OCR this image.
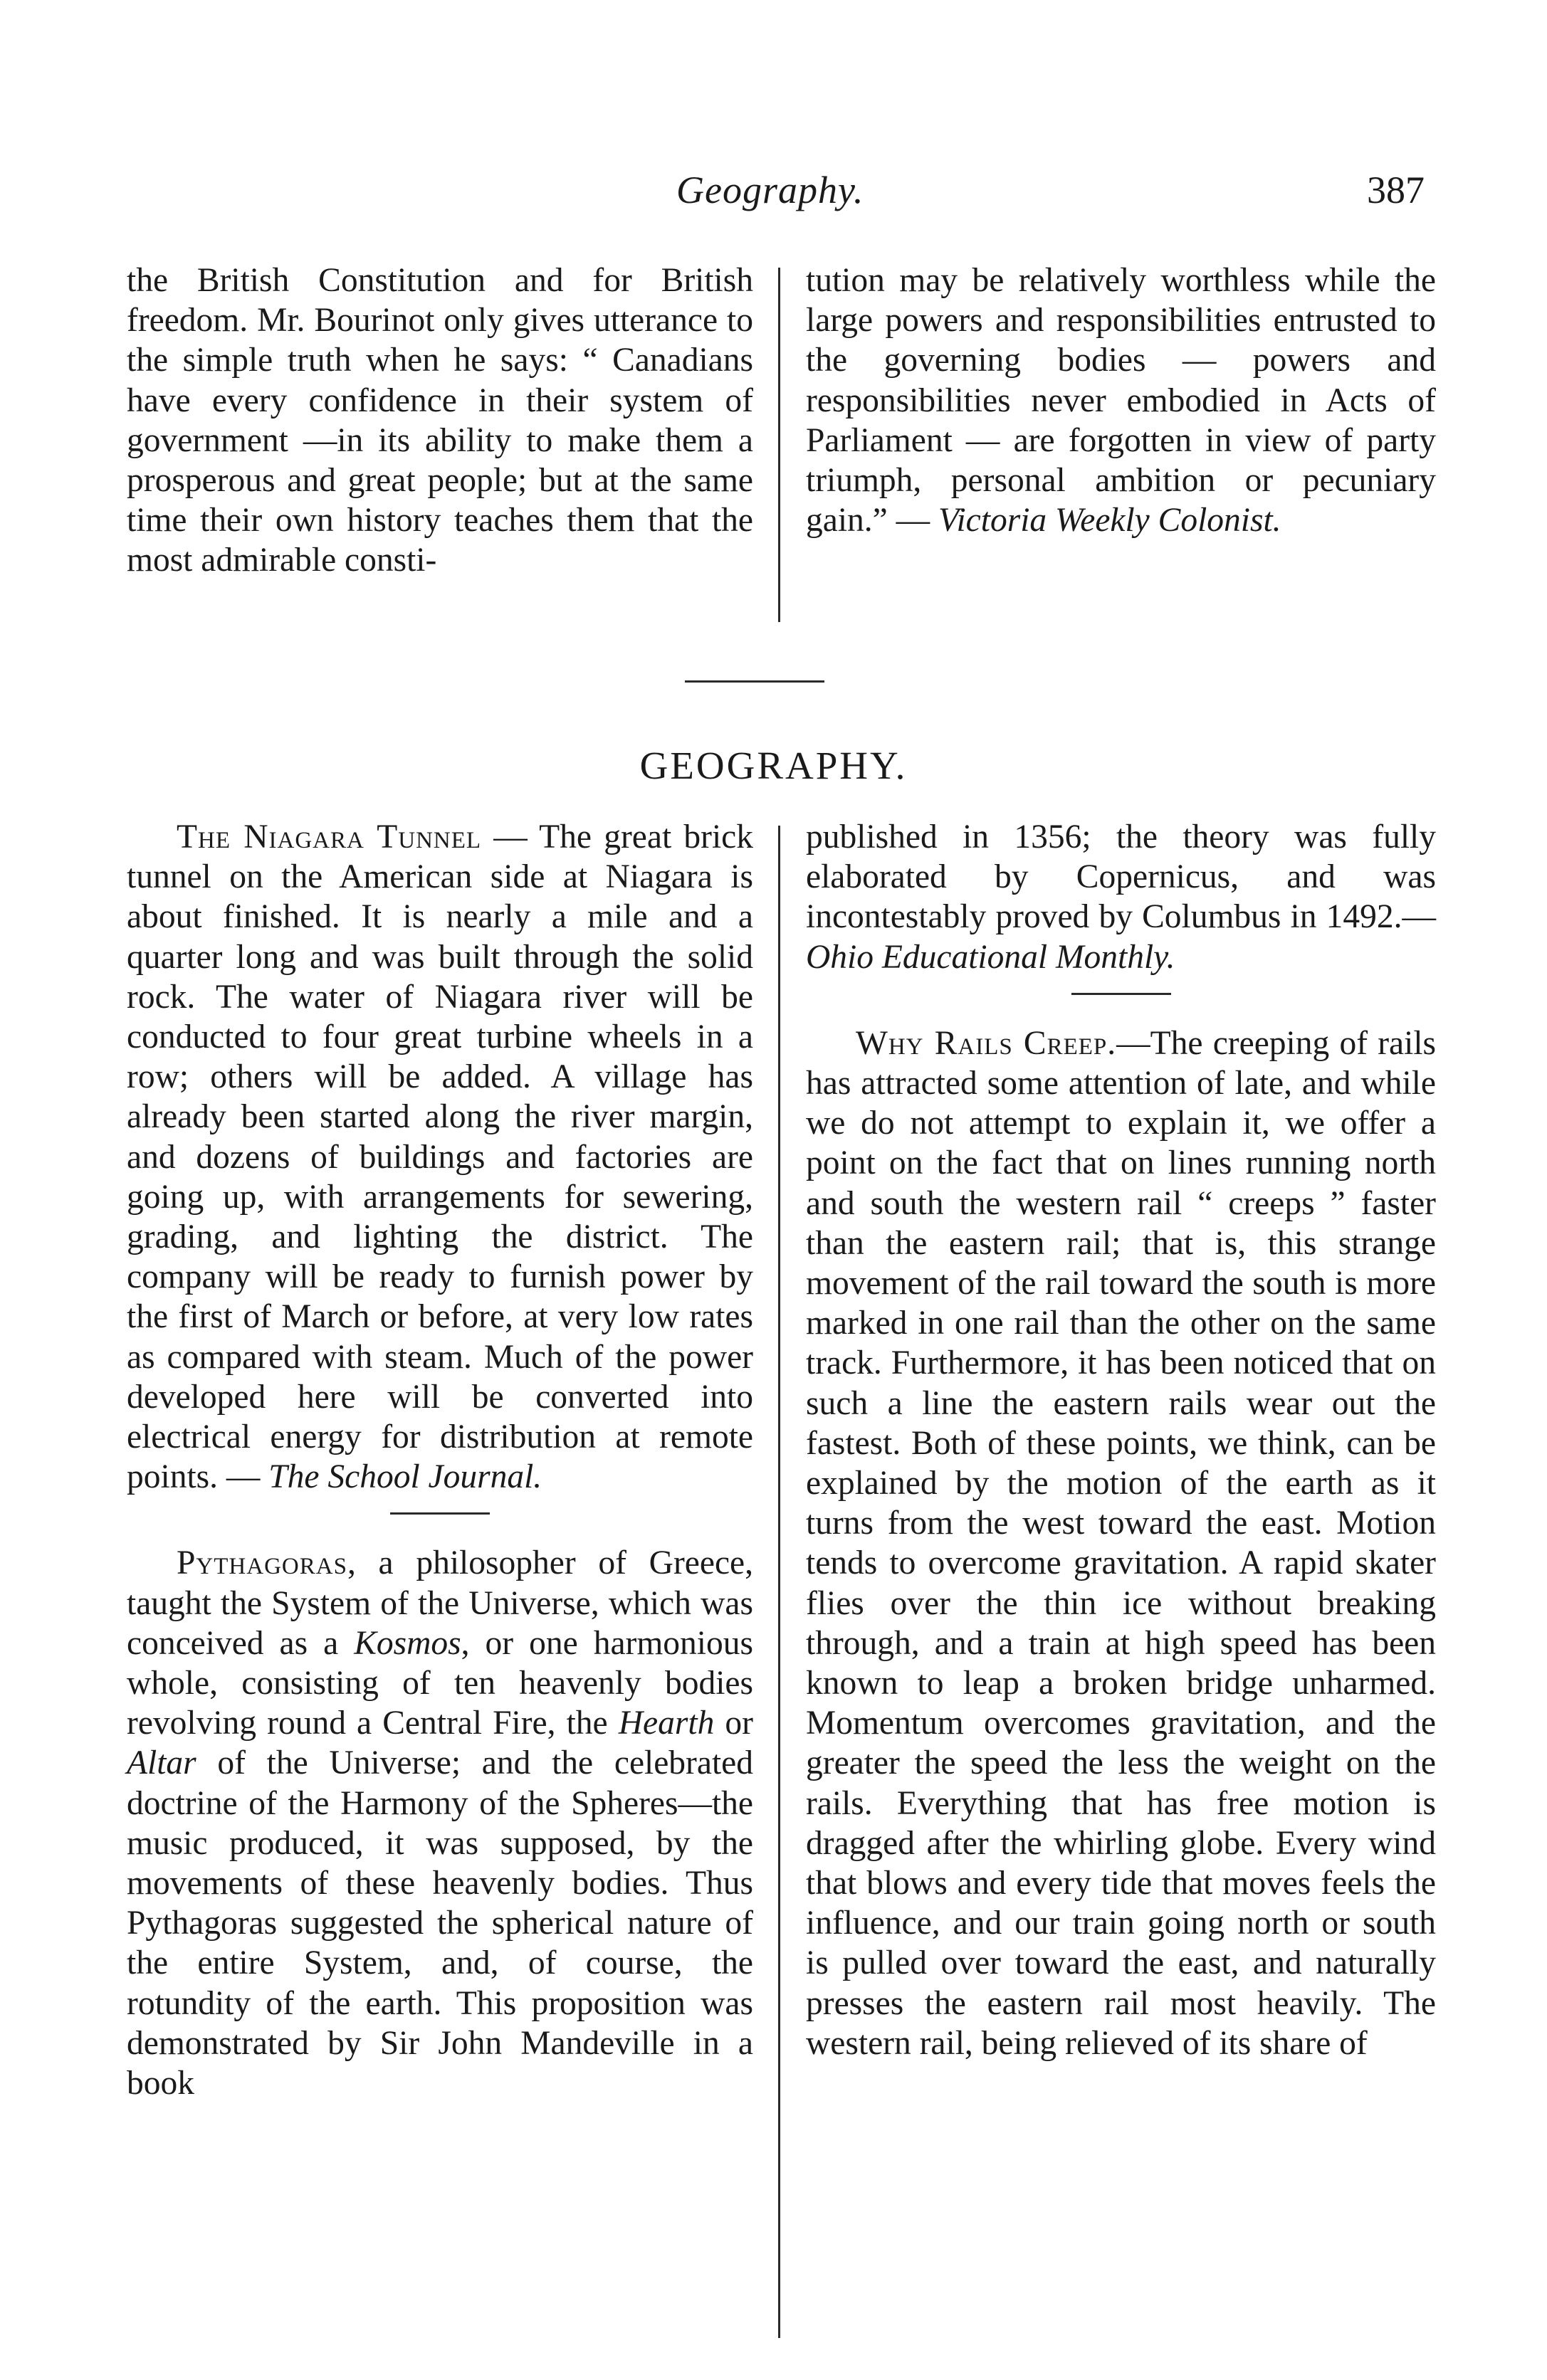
Geography.	387

the British Constitution and for British freedom. Mr. Bourinot only gives utterance to the simple truth when he says: “ Canadians have every confidence in their system of government —in its ability to make them a prosperous and great people; but at the same time their own history teaches them that the most admirable consti-

tution may be relatively worthless while the large powers and responsibilities entrusted to the governing bodies — powers and responsibilities never embodied in Acts of Parliament — are forgotten in view of party triumph, personal ambition or pecuniary gain.” — Victoria Weekly Colonist.

GEOGRAPHY.

The Niagara Tunnel — The great brick tunnel on the American side at Niagara is about finished. It is nearly a mile and a quarter long and was built through the solid rock. The water of Niagara river will be conducted to four great turbine wheels in a row; others will be added. A village has already been started along the river margin, and dozens of buildings and factories are going up, with arrangements for sewering, grading, and lighting the district. The company will be ready to furnish power by the first of March or before, at very low rates as compared with steam. Much of the power developed here will be converted into electrical energy for distribution at remote points. — The School Journal.

Pythagoras, a philosopher of Greece, taught the System of the Universe, which was conceived as a Kosmos, or one harmonious whole, consisting of ten heavenly bodies revolving round a Central Fire, the Hearth or Altar of the Universe; and the celebrated doctrine of the Harmony of the Spheres—the music produced, it was supposed, by the movements of these heavenly bodies. Thus Pythagoras suggested the spherical nature of the entire System, and, of course, the rotundity of the earth. This proposition was demonstrated by Sir John Mandeville in a book

published in 1356; the theory was fully elaborated by Copernicus, and was incontestably proved by Columbus in 1492.—Ohio Educational Monthly.

Why Rails Creep.—The creeping of rails has attracted some attention of late, and while we do not attempt to explain it, we offer a point on the fact that on lines running north and south the western rail “ creeps ” faster than the eastern rail; that is, this strange movement of the rail toward the south is more marked in one rail than the other on the same track. Furthermore, it has been noticed that on such a line the eastern rails wear out the fastest. Both of these points, we think, can be explained by the motion of the earth as it turns from the west toward the east. Motion tends to overcome gravitation. A rapid skater flies over the thin ice without breaking through, and a train at high speed has been known to leap a broken bridge unharmed. Momentum overcomes gravitation, and the greater the speed the less the weight on the rails. Everything that has free motion is dragged after the whirling globe. Every wind that blows and every tide that moves feels the influence, and our train going north or south is pulled over toward the east, and naturally presses the eastern rail most heavily. The western rail, being relieved of its share of
